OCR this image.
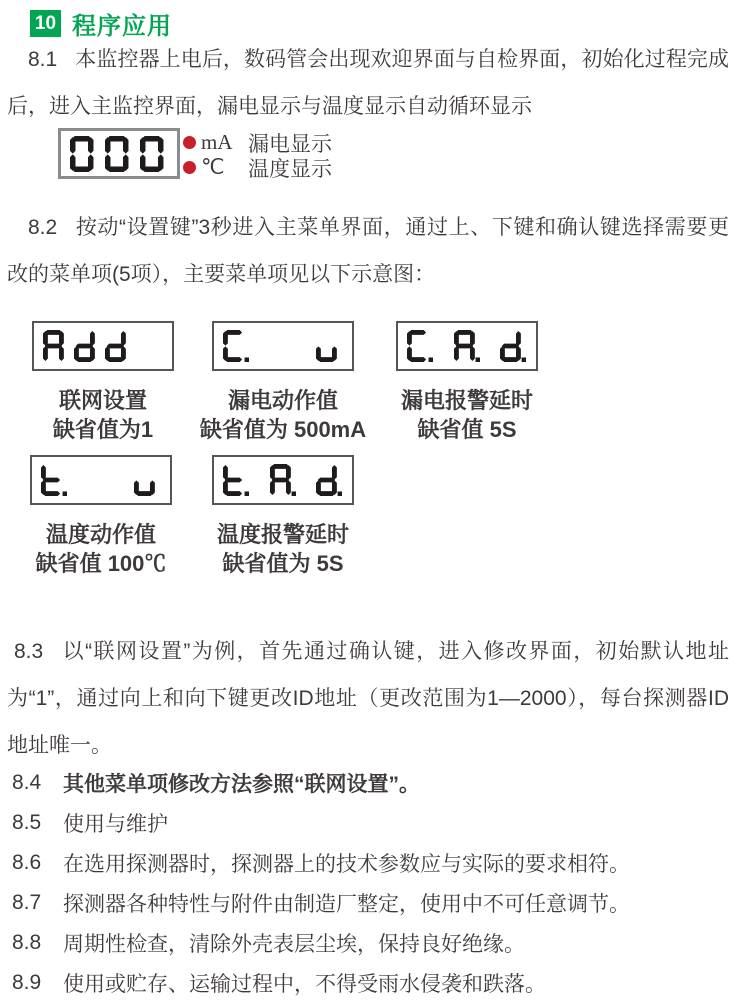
10 程序应用

8.1 本监控器上电后，数码管会出现欢迎界面与自检界面，初始化过程完成后，进入主监控界面，漏电显示与温度显示自动循环显示

mA 漏电显示
℃	温度显示

8.2 按动“设置键”3秒进入主菜单界面，通过上、下键和确认键选择需要更改的菜单项(5项），主要菜单项见以下示意图：

联网设置
缺省值为1
漏电动作值
缺省值为 500mA
漏电报警延时
缺省值 5S
温度动作值
缺省值 100℃
温度报警延时
缺省值为 5S

8.3 以“联网设置”为例，首先通过确认键，进入修改界面，初始默认地址为“1”，通过向上和向下键更改ID地址（更改范围为1—2000），每台探测器ID地址唯一。

8.4 其他菜单项修改方法参照“联网设置”。
8.5 使用与维护
8.6 在选用探测器时，探测器上的技术参数应与实际的要求相符。
8.7 探测器各种特性与附件由制造厂整定，使用中不可任意调节。
8.8 周期性检查，清除外壳表层尘埃，保持良好绝缘。
8.9 使用或贮存、运输过程中，不得受雨水侵袭和跌落。
